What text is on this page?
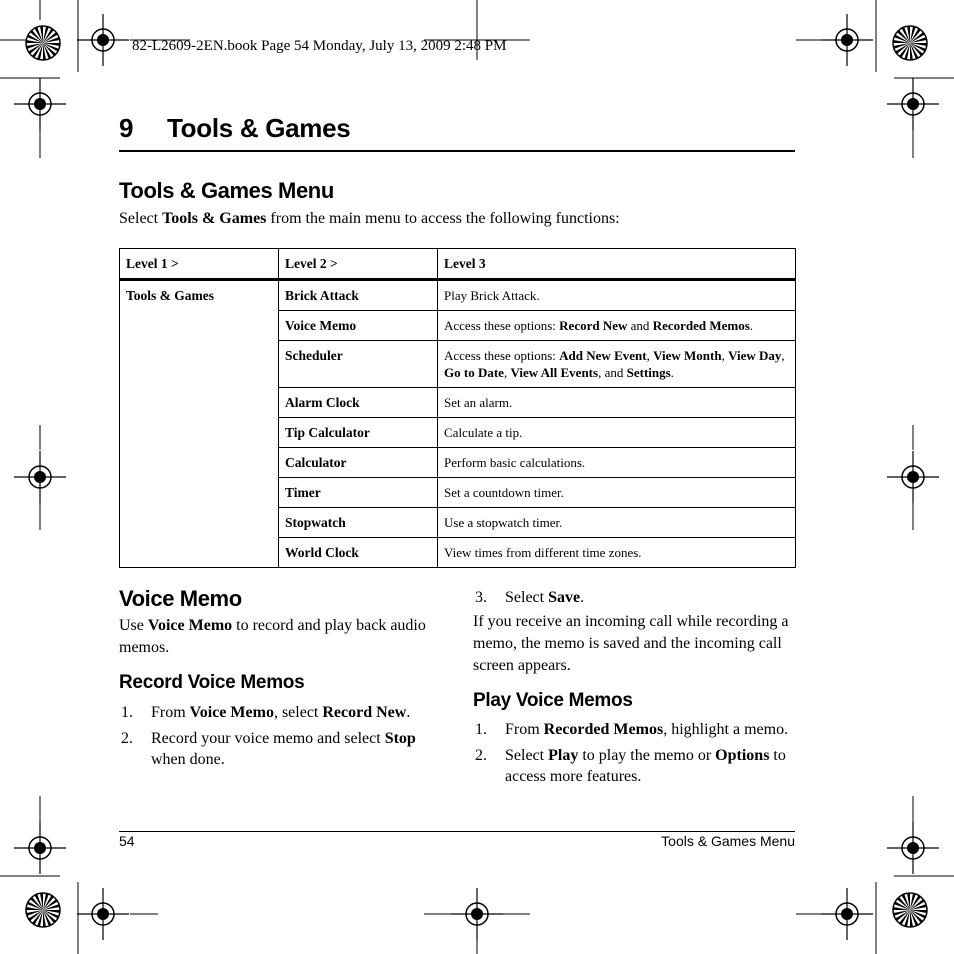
82-L2609-2EN.book Page 54 Monday, July 13, 2009 2:48 PM
9 Tools & Games
Tools & Games Menu
Select Tools & Games from the main menu to access the following functions:
Level 1 >	Level 2 >	Level 3
Tools & Games	Brick Attack	Play Brick Attack.
	Voice Memo	Access these options: Record New and Recorded Memos.
	Scheduler	Access these options: Add New Event, View Month, View Day, Go to Date, View All Events, and Settings.
	Alarm Clock	Set an alarm.
	Tip Calculator	Calculate a tip.
	Calculator	Perform basic calculations.
	Timer	Set a countdown timer.
	Stopwatch	Use a stopwatch timer.
	World Clock	View times from different time zones.
Voice Memo
Use Voice Memo to record and play back audio memos.
Record Voice Memos
1. From Voice Memo, select Record New.
2. Record your voice memo and select Stop when done.
3. Select Save.
If you receive an incoming call while recording a memo, the memo is saved and the incoming call screen appears.
Play Voice Memos
1. From Recorded Memos, highlight a memo.
2. Select Play to play the memo or Options to access more features.
54	Tools & Games Menu
